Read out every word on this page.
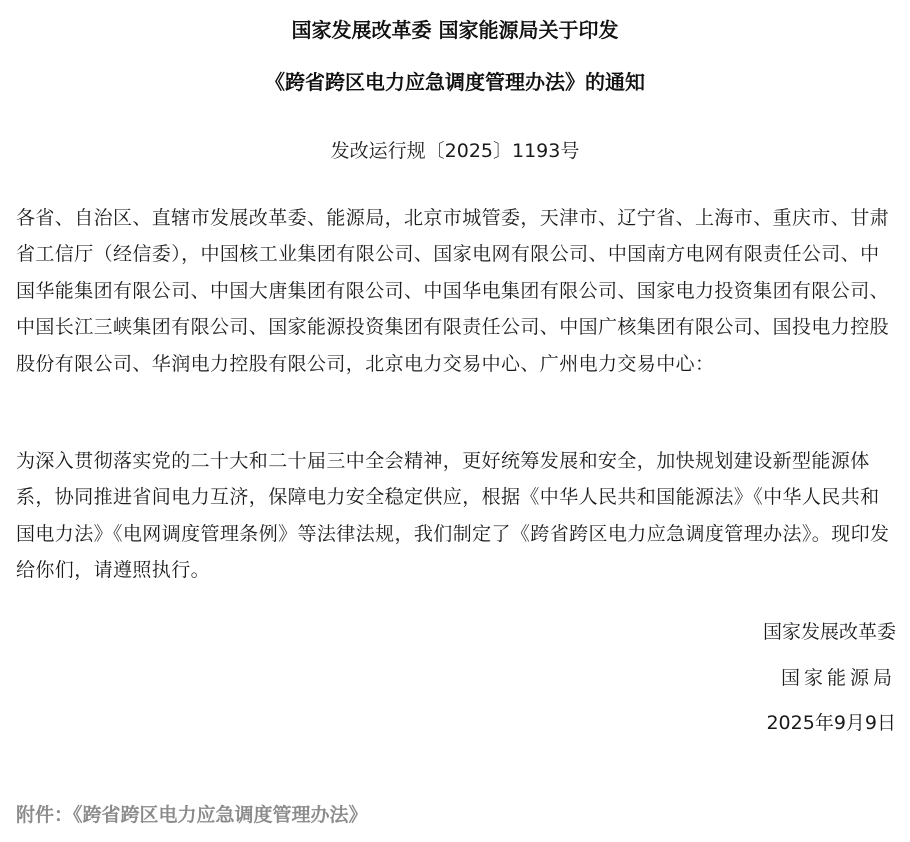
国家发展改革委 国家能源局关于印发
《跨省跨区电力应急调度管理办法》的通知
发改运行规〔2025〕1193号

各省、自治区、直辖市发展改革委、能源局，北京市城管委，天津市、辽宁省、上海市、重庆市、甘肃省工信厅（经信委），中国核工业集团有限公司、国家电网有限公司、中国南方电网有限责任公司、中国华能集团有限公司、中国大唐集团有限公司、中国华电集团有限公司、国家电力投资集团有限公司、中国长江三峡集团有限公司、国家能源投资集团有限责任公司、中国广核集团有限公司、国投电力控股股份有限公司、华润电力控股有限公司，北京电力交易中心、广州电力交易中心：

为深入贯彻落实党的二十大和二十届三中全会精神，更好统筹发展和安全，加快规划建设新型能源体系，协同推进省间电力互济，保障电力安全稳定供应，根据《中华人民共和国能源法》《中华人民共和国电力法》《电网调度管理条例》等法律法规，我们制定了《跨省跨区电力应急调度管理办法》。现印发给你们，请遵照执行。

国家发展改革委
国家能源局
2025年9月9日
附件：《跨省跨区电力应急调度管理办法》
